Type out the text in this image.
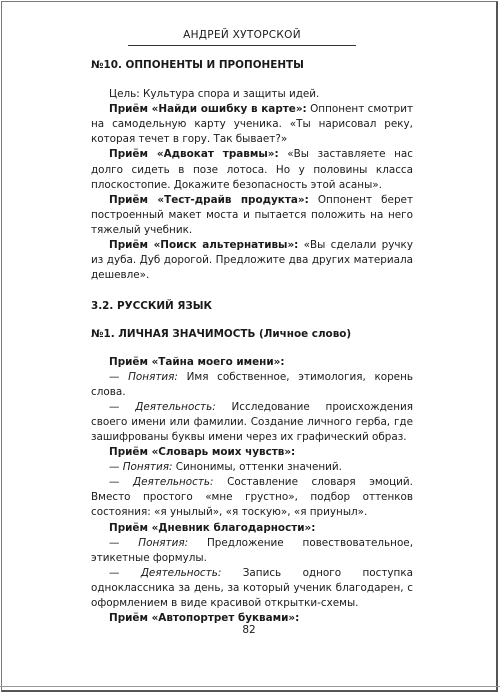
АНДРЕЙ ХУТОРСКОЙ

№10. ОППОНЕНТЫ И ПРОПОНЕНТЫ

Цель: Культура спора и защиты идей.

Приём «Найди ошибку в карте»: Оппонент смотрит на самодельную карту ученика. «Ты нарисовал реку, которая течет в гору. Так бывает?»

Приём «Адвокат травмы»: «Вы заставляете нас долго сидеть в позе лотоса. Но у половины класса плоскостопие. Докажите безопасность этой асаны».

Приём «Тест-драйв продукта»: Оппонент берет построенный макет моста и пытается положить на него тяжелый учебник.

Приём «Поиск альтернативы»: «Вы сделали ручку из дуба. Дуб дорогой. Предложите два других материала дешевле».

3.2. РУССКИЙ ЯЗЫК

№1. ЛИЧНАЯ ЗНАЧИМОСТЬ (Личное слово)

Приём «Тайна моего имени»:

— Понятия: Имя собственное, этимология, корень слова.

— Деятельность: Исследование происхождения своего имени или фамилии. Создание личного герба, где зашифрованы буквы имени через их графический образ.

Приём «Словарь моих чувств»:

— Понятия: Синонимы, оттенки значений.

— Деятельность: Составление словаря эмоций. Вместо простого «мне грустно», подбор оттенков состояния: «я унылый», «я тоскую», «я приуныл».

Приём «Дневник благодарности»:

— Понятия: Предложение повествовательное, этикетные формулы.

— Деятельность: Запись одного поступка одноклассника за день, за который ученик благодарен, с оформлением в виде красивой открытки-схемы.

Приём «Автопортрет буквами»:

82
